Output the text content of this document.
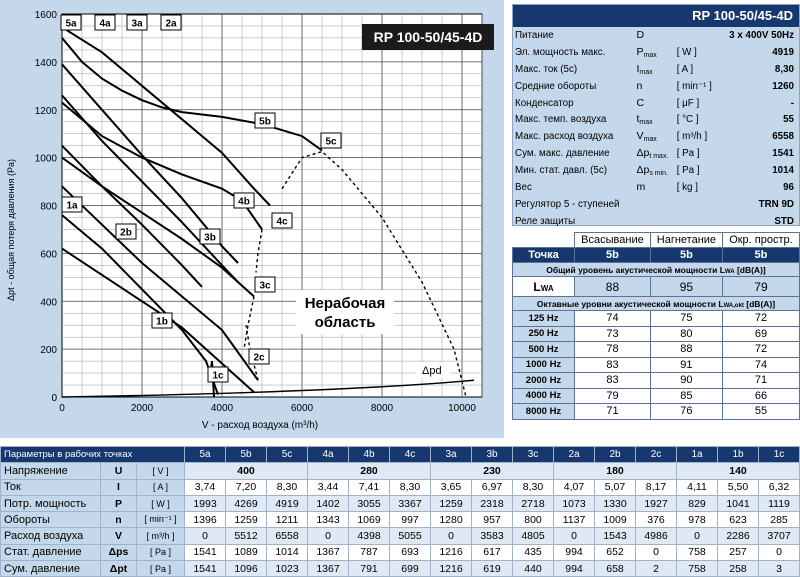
0	2000	4000	6000	8000	10000
0
200
400
600
800
1000
1200
1400
1600
5a 4a 3a 2a
5b
5c
4b
4c
3b
3c
2c
2b
1a
1b
1c
RP 100-50/45-4D
Нерабочая
область
Δpd
V - расход воздуха (m³/h)
Δpt - общая потеря давления (Pa)
RP 100-50/45-4D
Питание	D		3 x 400V 50Hz
Эл. мощность макс.	$P_{max}$	[ W ]	4919
Макс. ток (5с)	$I_{max}$	[ A ]	8,30
Средние обороты	n	[ min⁻¹ ]	1260
Конденсатор	C	[ μF ]	-
Макс. темп. воздуха	$t_{max}$	[ °C ]	55
Макс. расход воздуха	$V_{max}$	[ m³/h ]	6558
Сум. макс. давление	$\Delta p_{t max.}$	[ Pa ]	1541
Мин. стат. давл. (5с)	$\Delta p_{s min.}$	[ Pa ]	1014
Вес	m	[ kg ]	96
Регулятор 5 - ступеней			TRN 9D
Реле защиты			STD
	Всасывание	Нагнетание	Окр. простр.
Точка	5b	5b	5b
Общий уровень акустической мощности LWA [dB(A)]			
LWA	88	95	79
Октавные уровни акустической мощности LWA,okt [dB(A)]			
125 Hz	74	75	72
250 Hz	73	80	69
500 Hz	78	88	72
1000 Hz	83	91	74
2000 Hz	83	90	71
4000 Hz	79	85	66
8000 Hz	71	76	55
Параметры в рабочих точках			5a	5b	5c	4a	4b	4c	3a	3b	3c	2a	2b	2c	1a	1b	1c
Напряжение	U	[ V ]	400			280			230			180			140		
Ток	I	[ A ]	3,74	7,20	8,30	3,44	7,41	8,30	3,65	6,97	8,30	4,07	5,07	8,17	4,11	5,50	6,32
Потр. мощность	P	[ W ]	1993	4269	4919	1402	3055	3367	1259	2318	2718	1073	1330	1927	829	1041	1119
Обороты	n	[ min⁻¹ ]	1396	1259	1211	1343	1069	997	1280	957	800	1137	1009	376	978	623	285
Расход воздуха	V	[ m³/h ]	0	5512	6558	0	4398	5055	0	3583	4805	0	1543	4986	0	2286	3707
Стат. давление	Δps	[ Pa ]	1541	1089	1014	1367	787	693	1216	617	435	994	652	0	758	257	0
Сум. давление	Δpt	[ Pa ]	1541	1096	1023	1367	791	699	1216	619	440	994	658	2	758	258	3
